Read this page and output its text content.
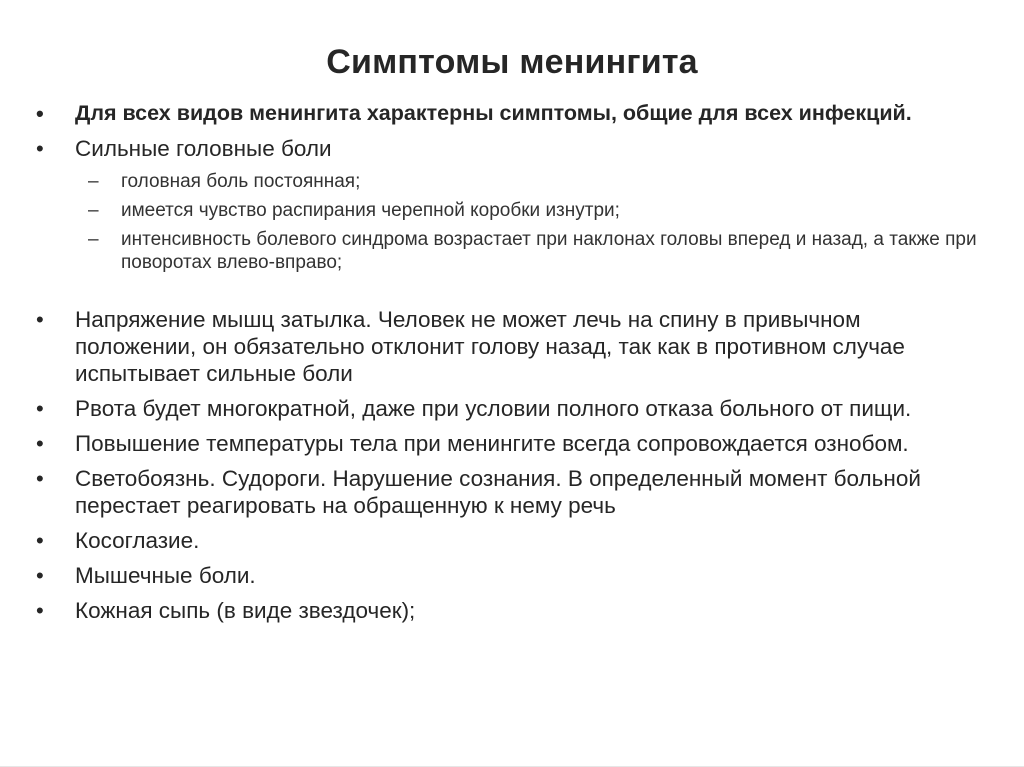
Симптомы менингита
• Для всех видов менингита характерны симптомы, общие для всех инфекций.
• Сильные головные боли
– головная боль постоянная;
– имеется чувство распирания черепной коробки изнутри;
– интенсивность болевого синдрома возрастает при наклонах головы вперед и назад, а также при поворотах влево-вправо;
• Напряжение мышц затылка. Человек не может лечь на спину в привычном положении, он обязательно отклонит голову назад, так как в противном случае испытывает сильные боли
• Рвота будет многократной, даже при условии полного отказа больного от пищи.
• Повышение температуры тела при менингите всегда сопровождается ознобом.
• Светобоязнь. Судороги. Нарушение сознания. В определенный момент больной перестает реагировать на обращенную к нему речь
• Косоглазие.
• Мышечные боли.
• Кожная сыпь (в виде звездочек);
